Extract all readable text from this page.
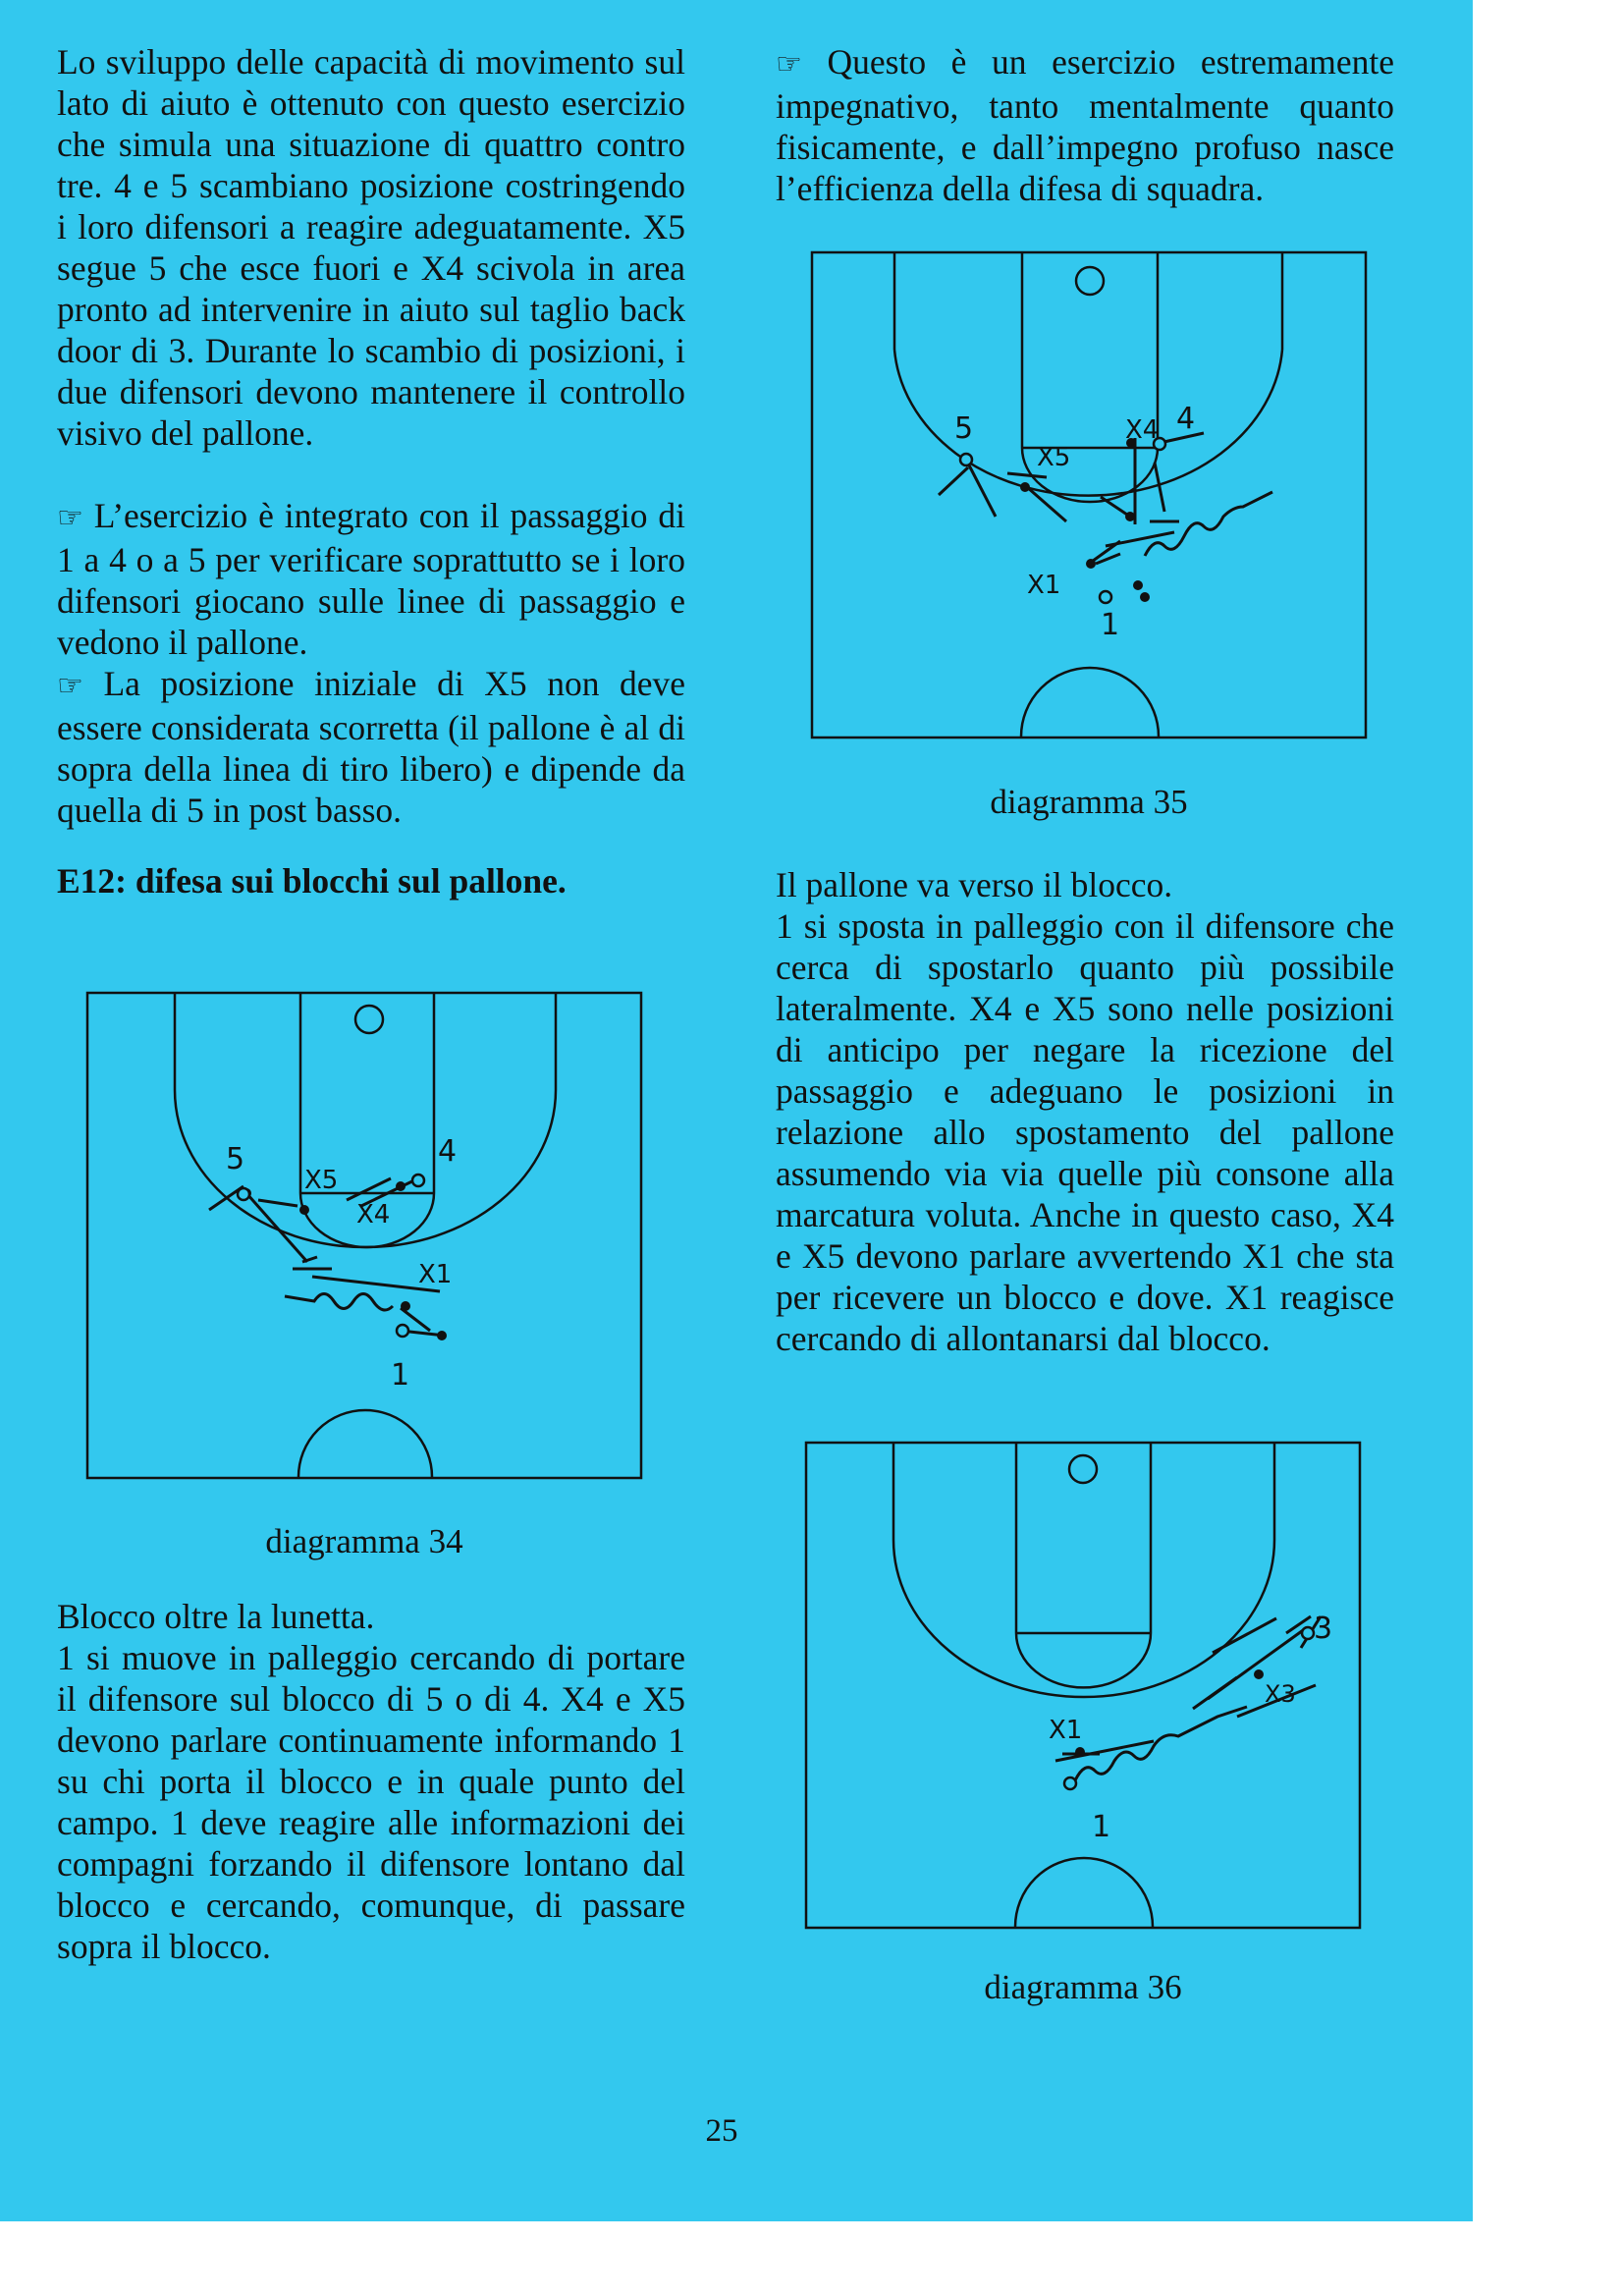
Lo sviluppo delle capacità di movimento sul lato di aiuto è ottenuto con questo esercizio che simula una situazione di quattro contro tre. 4 e 5 scambiano posizione costringendo i loro difensori a reagire adeguatamente. X5 segue 5 che esce fuori e X4 scivola in area pronto ad intervenire in aiuto sul taglio back door di 3. Durante lo scambio di posizioni, i due difensori devono mantenere il controllo visivo del pallone.

☞ L’esercizio è integrato con il passaggio di 1 a 4 o a 5 per verificare soprattutto se i loro difensori giocano sulle linee di passaggio e vedono il pallone.

☞ La posizione iniziale di X5 non deve essere considerata scorretta (il pallone è al di sopra della linea di tiro libero) e dipende da quella di 5 in post basso.

E12: difesa sui blocchi sul pallone.

Blocco oltre la lunetta.

1 si muove in palleggio cercando di portare il difensore sul blocco di 5 o di 4. X4 e X5 devono parlare continuamente informando 1 su chi porta il blocco e in quale punto del campo. 1 deve reagire alle informazioni dei compagni forzando il difensore lontano dal blocco e cercando, comunque, di passare sopra il blocco.

☞ Questo è un esercizio estremamente impegnativo, tanto mentalmente quanto fisicamente, e dall’impegno profuso nasce l’efficienza della difesa di squadra.

Il pallone va verso il blocco.

1 si sposta in palleggio con il difensore che cerca di spostarlo quanto più possibile lateralmente. X4 e X5 sono nelle posizioni di anticipo per negare la ricezione del passaggio e adeguano le posizioni in relazione allo spostamento del pallone assumendo via via quelle più consone alla marcatura voluta. Anche in questo caso, X4 e X5 devono parlare avvertendo X1 che sta per ricevere un blocco e dove. X1 reagisce cercando di allontanarsi dal blocco.

5
X5
X4 4
X1
1
diagramma 35
5
X5
X4
4
X1
1
diagramma 34
3
X3
X1
1
diagramma 36
25
